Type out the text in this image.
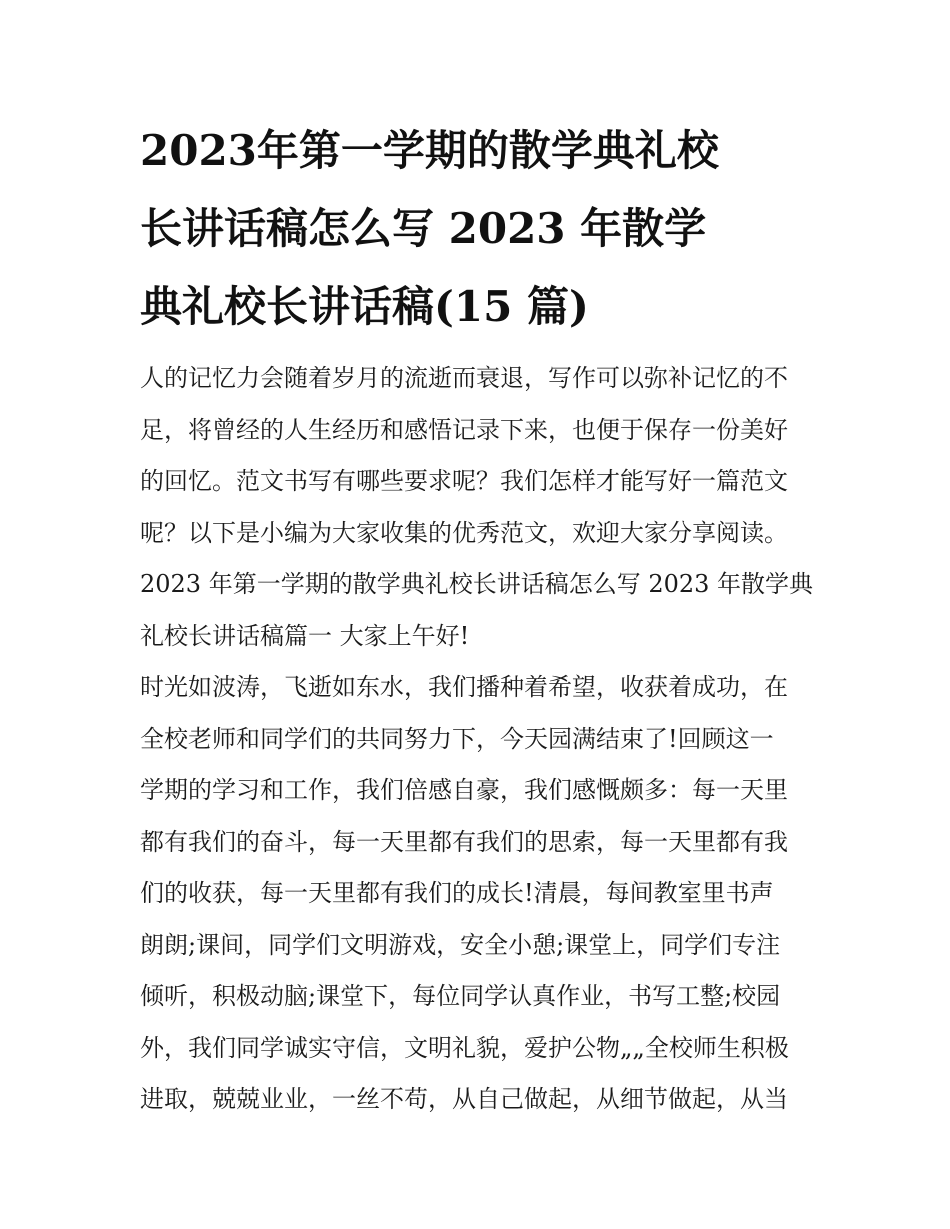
2023年第一学期的散学典礼校
长讲话稿怎么写 2023 年散学
典礼校长讲话稿(15 篇)
人的记忆力会随着岁月的流逝而衰退，写作可以弥补记忆的不
足，将曾经的人生经历和感悟记录下来，也便于保存一份美好
的回忆。范文书写有哪些要求呢？我们怎样才能写好一篇范文
呢？以下是小编为大家收集的优秀范文，欢迎大家分享阅读。
2023 年第一学期的散学典礼校长讲话稿怎么写 2023 年散学典
礼校长讲话稿篇一 大家上午好!
时光如波涛，飞逝如东水，我们播种着希望，收获着成功，在
全校老师和同学们的共同努力下，今天园满结束了!回顾这一
学期的学习和工作，我们倍感自豪，我们感慨颇多：每一天里
都有我们的奋斗，每一天里都有我们的思索，每一天里都有我
们的收获，每一天里都有我们的成长!清晨，每间教室里书声
朗朗;课间，同学们文明游戏，安全小憩;课堂上，同学们专注
倾听，积极动脑;课堂下，每位同学认真作业，书写工整;校园
外，我们同学诚实守信，文明礼貌，爱护公物„„全校师生积极
进取，兢兢业业，一丝不苟，从自己做起，从细节做起，从当
